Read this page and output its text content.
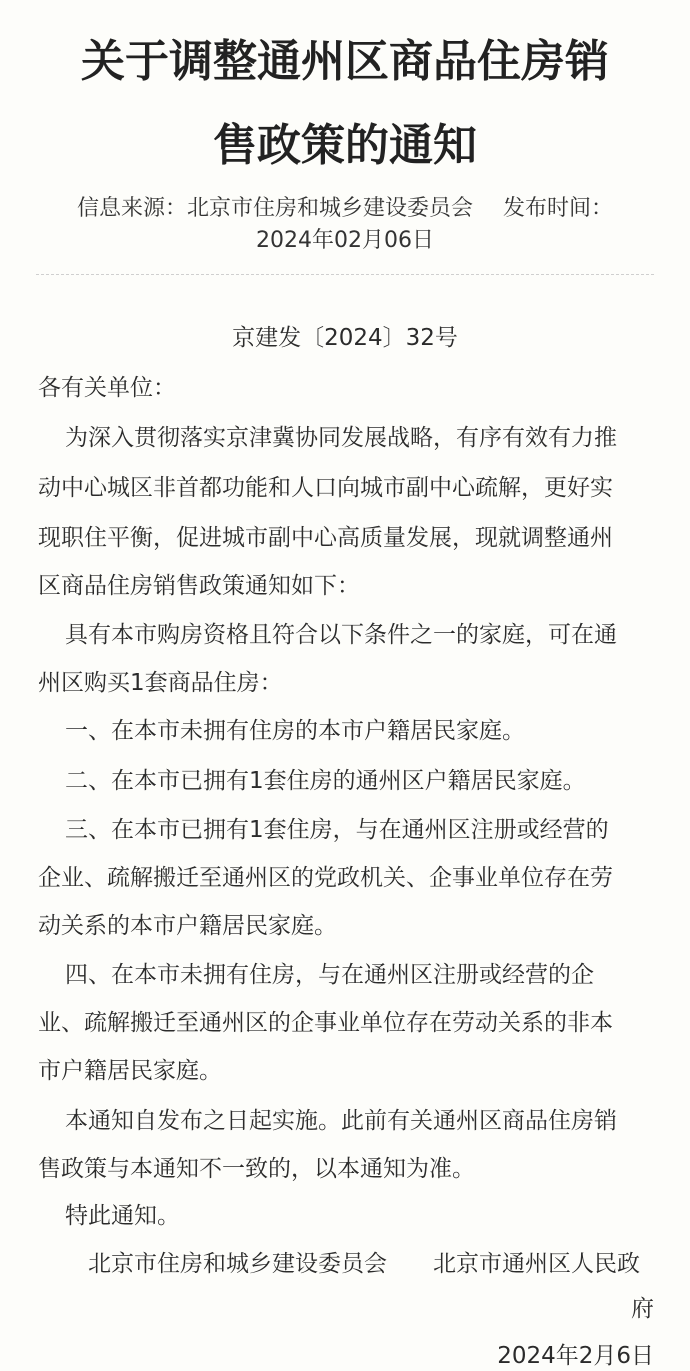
关于调整通州区商品住房销
售政策的通知
信息来源：北京市住房和城乡建设委员会 发布时间：
2024年02月06日
京建发〔2024〕32号
各有关单位：
为深入贯彻落实京津冀协同发展战略，有序有效有力推
动中心城区非首都功能和人口向城市副中心疏解，更好实
现职住平衡，促进城市副中心高质量发展，现就调整通州
区商品住房销售政策通知如下：
具有本市购房资格且符合以下条件之一的家庭，可在通
州区购买1套商品住房：
一、在本市未拥有住房的本市户籍居民家庭。
二、在本市已拥有1套住房的通州区户籍居民家庭。
三、在本市已拥有1套住房，与在通州区注册或经营的
企业、疏解搬迁至通州区的党政机关、企事业单位存在劳
动关系的本市户籍居民家庭。
四、在本市未拥有住房，与在通州区注册或经营的企
业、疏解搬迁至通州区的企事业单位存在劳动关系的非本
市户籍居民家庭。
本通知自发布之日起实施。此前有关通州区商品住房销
售政策与本通知不一致的，以本通知为准。
特此通知。
北京市住房和城乡建设委员会　　北京市通州区人民政
府
2024年2月6日
